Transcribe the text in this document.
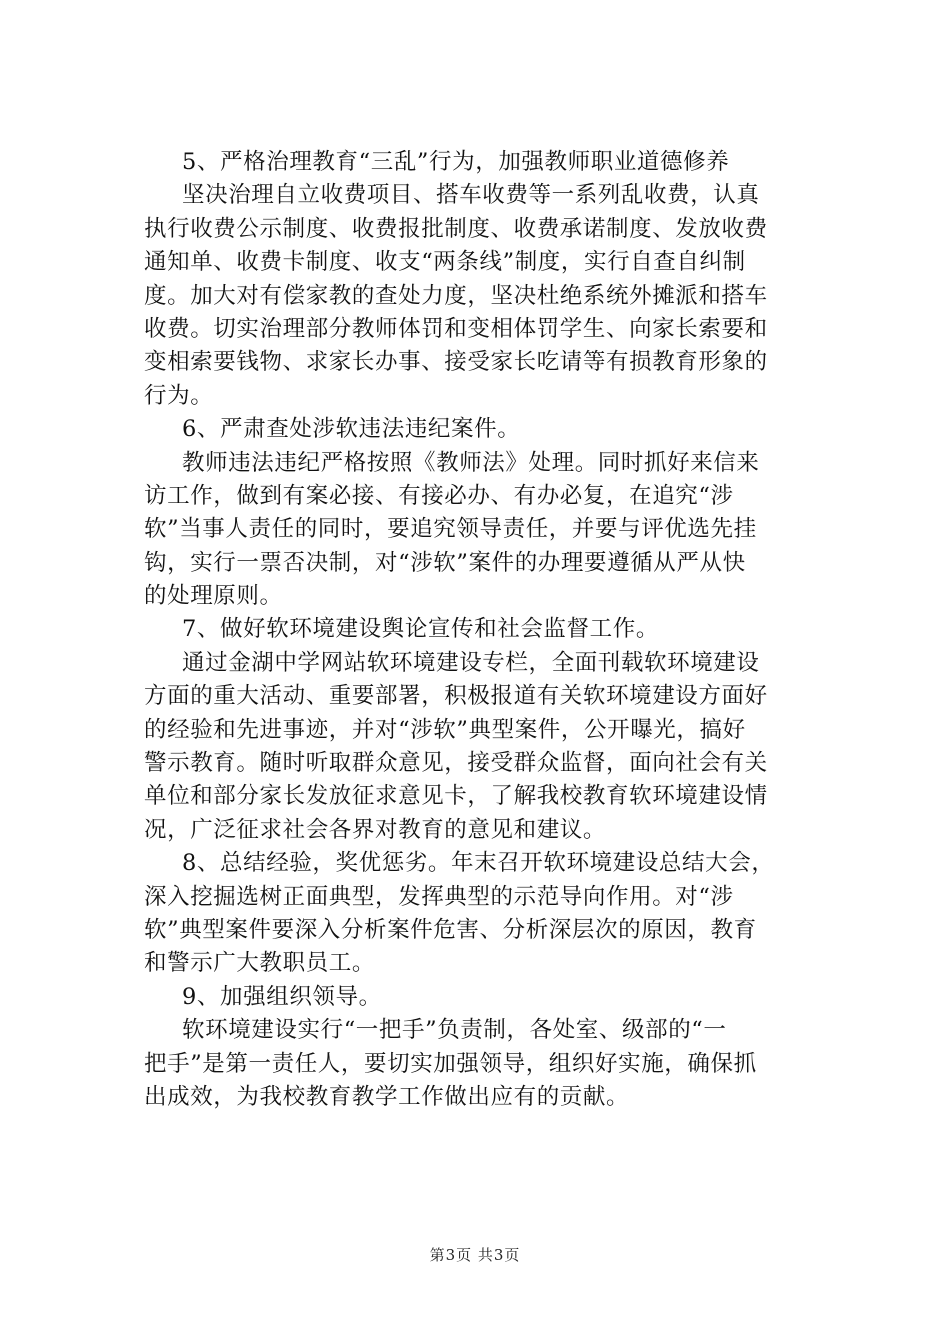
5、严格治理教育“三乱”行为，加强教师职业道德修养
坚决治理自立收费项目、搭车收费等一系列乱收费，认真
执行收费公示制度、收费报批制度、收费承诺制度、发放收费
通知单、收费卡制度、收支“两条线”制度，实行自查自纠制
度。加大对有偿家教的查处力度，坚决杜绝系统外摊派和搭车
收费。切实治理部分教师体罚和变相体罚学生、向家长索要和
变相索要钱物、求家长办事、接受家长吃请等有损教育形象的
行为。
6、严肃查处涉软违法违纪案件。
教师违法违纪严格按照《教师法》处理。同时抓好来信来
访工作，做到有案必接、有接必办、有办必复，在追究“涉
软”当事人责任的同时，要追究领导责任，并要与评优选先挂
钩，实行一票否决制，对“涉软”案件的办理要遵循从严从快
的处理原则。
7、做好软环境建设舆论宣传和社会监督工作。
通过金湖中学网站软环境建设专栏，全面刊载软环境建设
方面的重大活动、重要部署，积极报道有关软环境建设方面好
的经验和先进事迹，并对“涉软”典型案件，公开曝光，搞好
警示教育。随时听取群众意见，接受群众监督，面向社会有关
单位和部分家长发放征求意见卡，了解我校教育软环境建设情
况，广泛征求社会各界对教育的意见和建议。
8、总结经验，奖优惩劣。年末召开软环境建设总结大会，
深入挖掘选树正面典型，发挥典型的示范导向作用。对“涉
软”典型案件要深入分析案件危害、分析深层次的原因，教育
和警示广大教职员工。
9、加强组织领导。
软环境建设实行“一把手”负责制，各处室、级部的“一
把手”是第一责任人，要切实加强领导，组织好实施，确保抓
出成效，为我校教育教学工作做出应有的贡献。
第3页 共3页
